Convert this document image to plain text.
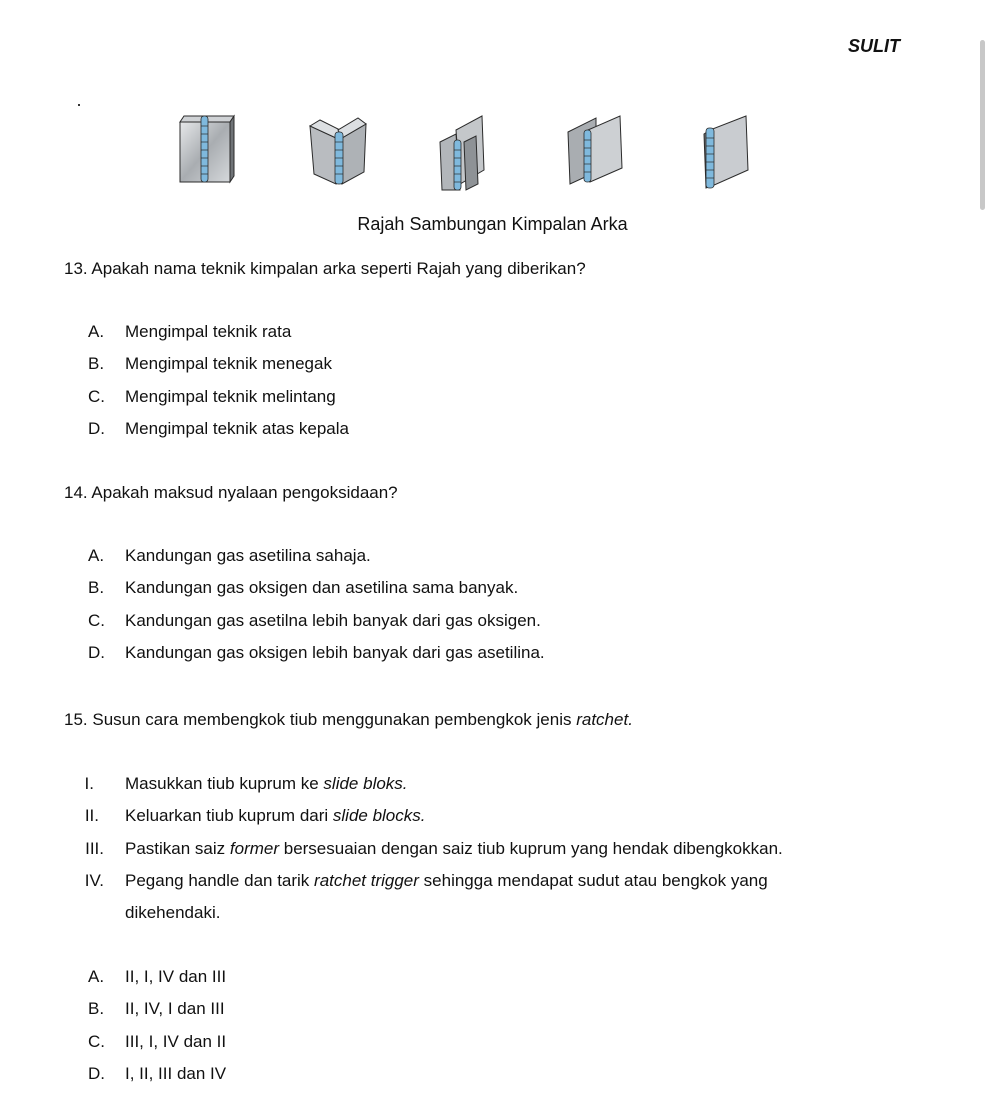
SULIT
Rajah Sambungan Kimpalan Arka
13. Apakah nama teknik kimpalan arka seperti Rajah yang diberikan?
A. Mengimpal teknik rata
B. Mengimpal teknik menegak
C. Mengimpal teknik melintang
D. Mengimpal teknik atas kepala
14. Apakah maksud nyalaan pengoksidaan?
A. Kandungan gas asetilina sahaja.
B. Kandungan gas oksigen dan asetilina sama banyak.
C. Kandungan gas asetilna lebih banyak dari gas oksigen.
D. Kandungan gas oksigen lebih banyak dari gas asetilina.
15. Susun cara membengkok tiub menggunakan pembengkok jenis ratchet.
I. Masukkan tiub kuprum ke slide bloks.
II. Keluarkan tiub kuprum dari slide blocks.
III. Pastikan saiz former bersesuaian dengan saiz tiub kuprum yang hendak dibengkokkan.
IV. Pegang handle dan tarik ratchet trigger sehingga mendapat sudut atau bengkok yang
dikehendaki.
A. II, I, IV dan III
B. II, IV, I dan III
C. III, I, IV dan II
D. I, II, III dan IV
